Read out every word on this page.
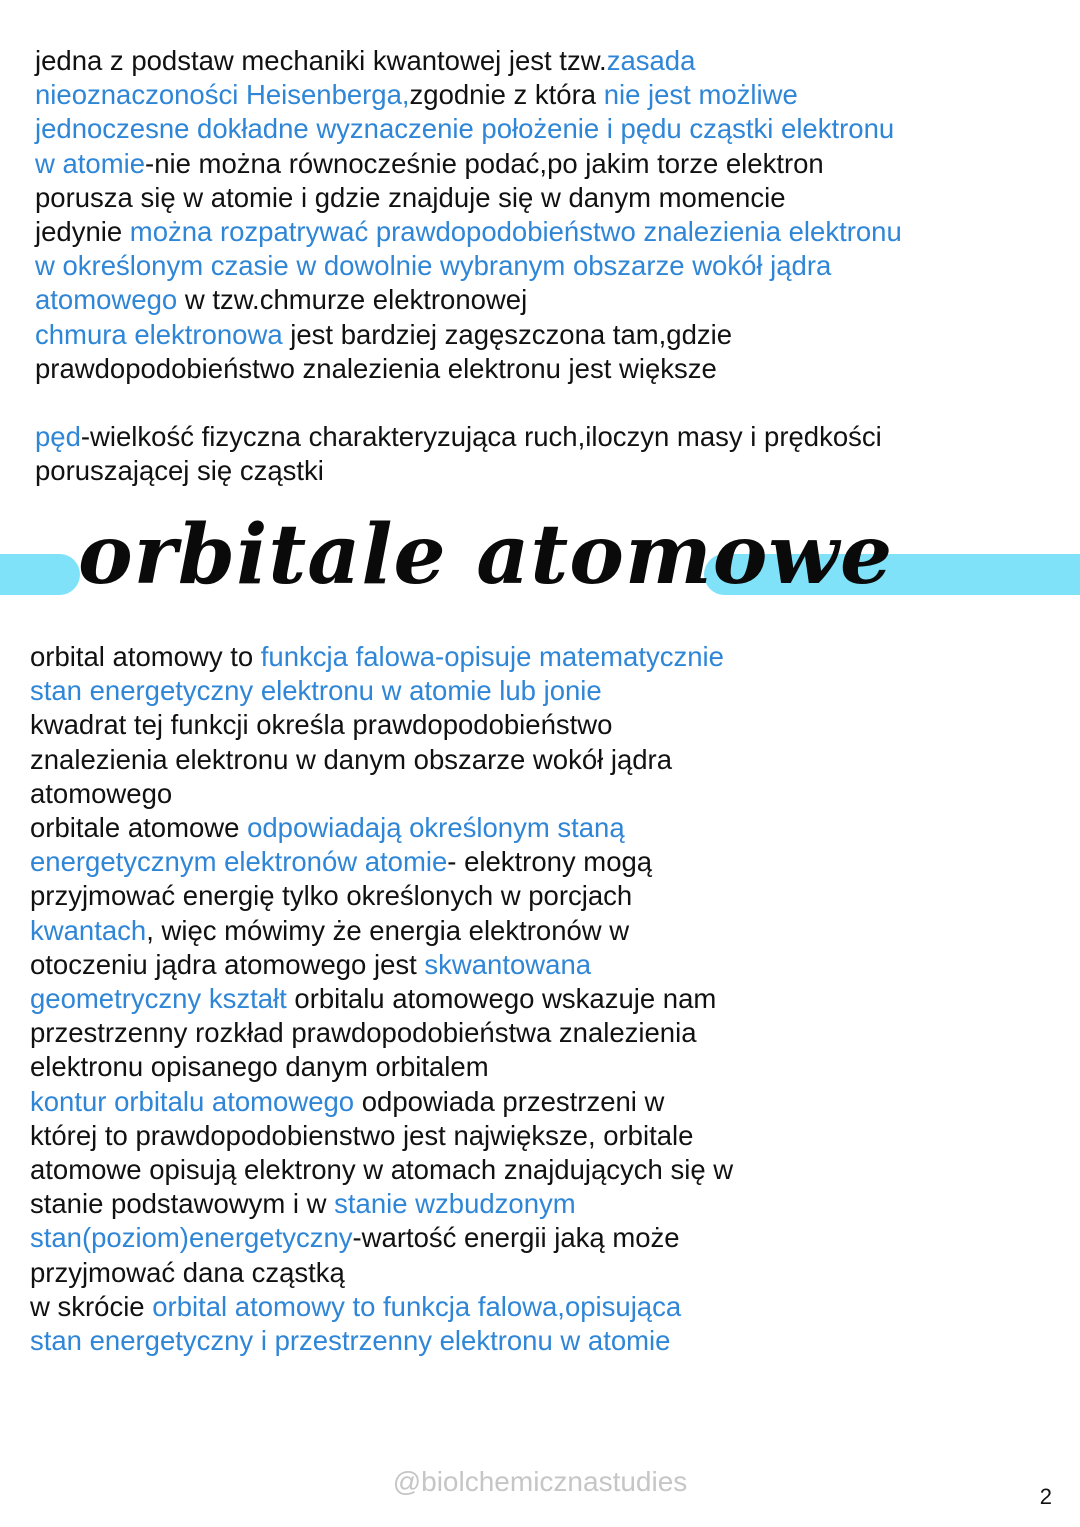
jedna z podstaw mechaniki kwantowej jest tzw.zasada
nieoznaczoności Heisenberga,zgodnie z która nie jest możliwe
jednoczesne dokładne wyznaczenie położenie i pędu cząstki elektronu
w atomie-nie można równocześnie podać,po jakim torze elektron
porusza się w atomie i gdzie znajduje się w danym momencie
jedynie można rozpatrywać prawdopodobieństwo znalezienia elektronu
w określonym czasie w dowolnie wybranym obszarze wokół jądra
atomowego w tzw.chmurze elektronowej
chmura elektronowa jest bardziej zagęszczona tam,gdzie
prawdopodobieństwo znalezienia elektronu jest większe
pęd-wielkość fizyczna charakteryzująca ruch,iloczyn masy i prędkości
poruszającej się cząstki
orbitale atomowe
orbital atomowy to funkcja falowa-opisuje matematycznie
stan energetyczny elektronu w atomie lub jonie
kwadrat tej funkcji określa prawdopodobieństwo
znalezienia elektronu w danym obszarze wokół jądra
atomowego
orbitale atomowe odpowiadają określonym staną
energetycznym elektronów atomie- elektrony mogą
przyjmować energię tylko określonych w porcjach
kwantach, więc mówimy że energia elektronów w
otoczeniu jądra atomowego jest skwantowana
geometryczny kształt orbitalu atomowego wskazuje nam
przestrzenny rozkład prawdopodobieństwa znalezienia
elektronu opisanego danym orbitalem
kontur orbitalu atomowego odpowiada przestrzeni w
której to prawdopodobienstwo jest największe, orbitale
atomowe opisują elektrony w atomach znajdujących się w
stanie podstawowym i w stanie wzbudzonym
stan(poziom)energetyczny-wartość energii jaką może
przyjmować dana cząstką
w skrócie orbital atomowy to funkcja falowa,opisująca
stan energetyczny i przestrzenny elektronu w atomie
@biolchemicznastudies	2
